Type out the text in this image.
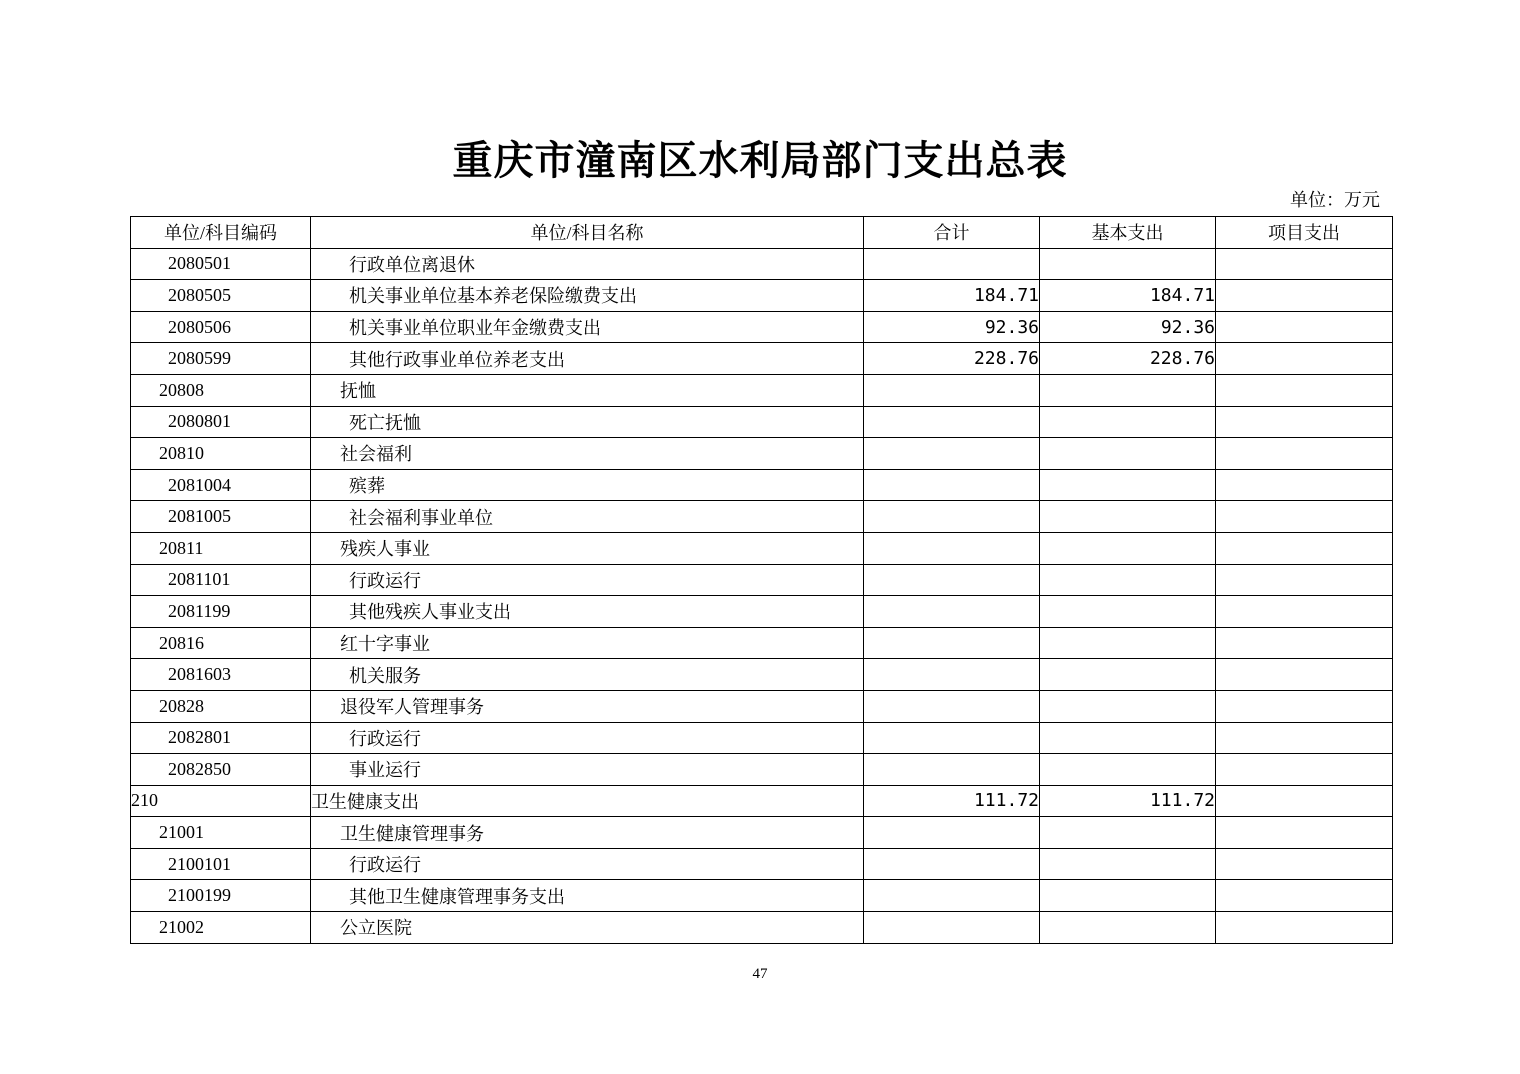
重庆市潼南区水利局部门支出总表
单位：万元
单位/科目编码	单位/科目名称	合计	基本支出	项目支出
2080501	行政单位离退休			
2080505	机关事业单位基本养老保险缴费支出	184.71	184.71	
2080506	机关事业单位职业年金缴费支出	92.36	92.36	
2080599	其他行政事业单位养老支出	228.76	228.76	
20808	抚恤			
2080801	死亡抚恤			
20810	社会福利			
2081004	殡葬			
2081005	社会福利事业单位			
20811	残疾人事业			
2081101	行政运行			
2081199	其他残疾人事业支出			
20816	红十字事业			
2081603	机关服务			
20828	退役军人管理事务			
2082801	行政运行			
2082850	事业运行			
210	卫生健康支出	111.72	111.72	
21001	卫生健康管理事务			
2100101	行政运行			
2100199	其他卫生健康管理事务支出			
21002	公立医院			
47
